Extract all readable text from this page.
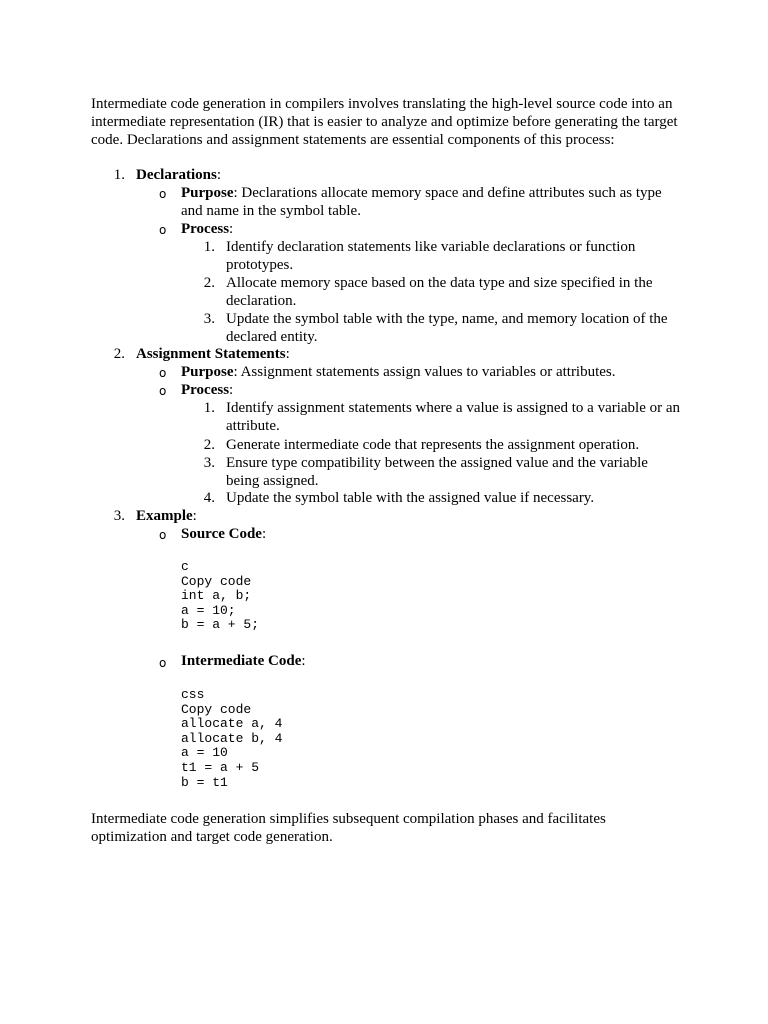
Intermediate code generation in compilers involves translating the high-level source code into an intermediate representation (IR) that is easier to analyze and optimize before generating the target code. Declarations and assignment statements are essential components of this process:

1. Declarations:
o Purpose: Declarations allocate memory space and define attributes such as type and name in the symbol table.
o Process:
1. Identify declaration statements like variable declarations or function prototypes.
2. Allocate memory space based on the data type and size specified in the declaration.
3. Update the symbol table with the type, name, and memory location of the declared entity.
2. Assignment Statements:
o Purpose: Assignment statements assign values to variables or attributes.
o Process:
1. Identify assignment statements where a value is assigned to a variable or an attribute.
2. Generate intermediate code that represents the assignment operation.
3. Ensure type compatibility between the assigned value and the variable being assigned.
4. Update the symbol table with the assigned value if necessary.
3. Example:
o Source Code:
c
Copy code
int a, b;
a = 10;
b = a + 5;
o Intermediate Code:
css
Copy code
allocate a, 4
allocate b, 4
a = 10
t1 = a + 5
b = t1

Intermediate code generation simplifies subsequent compilation phases and facilitates optimization and target code generation.
